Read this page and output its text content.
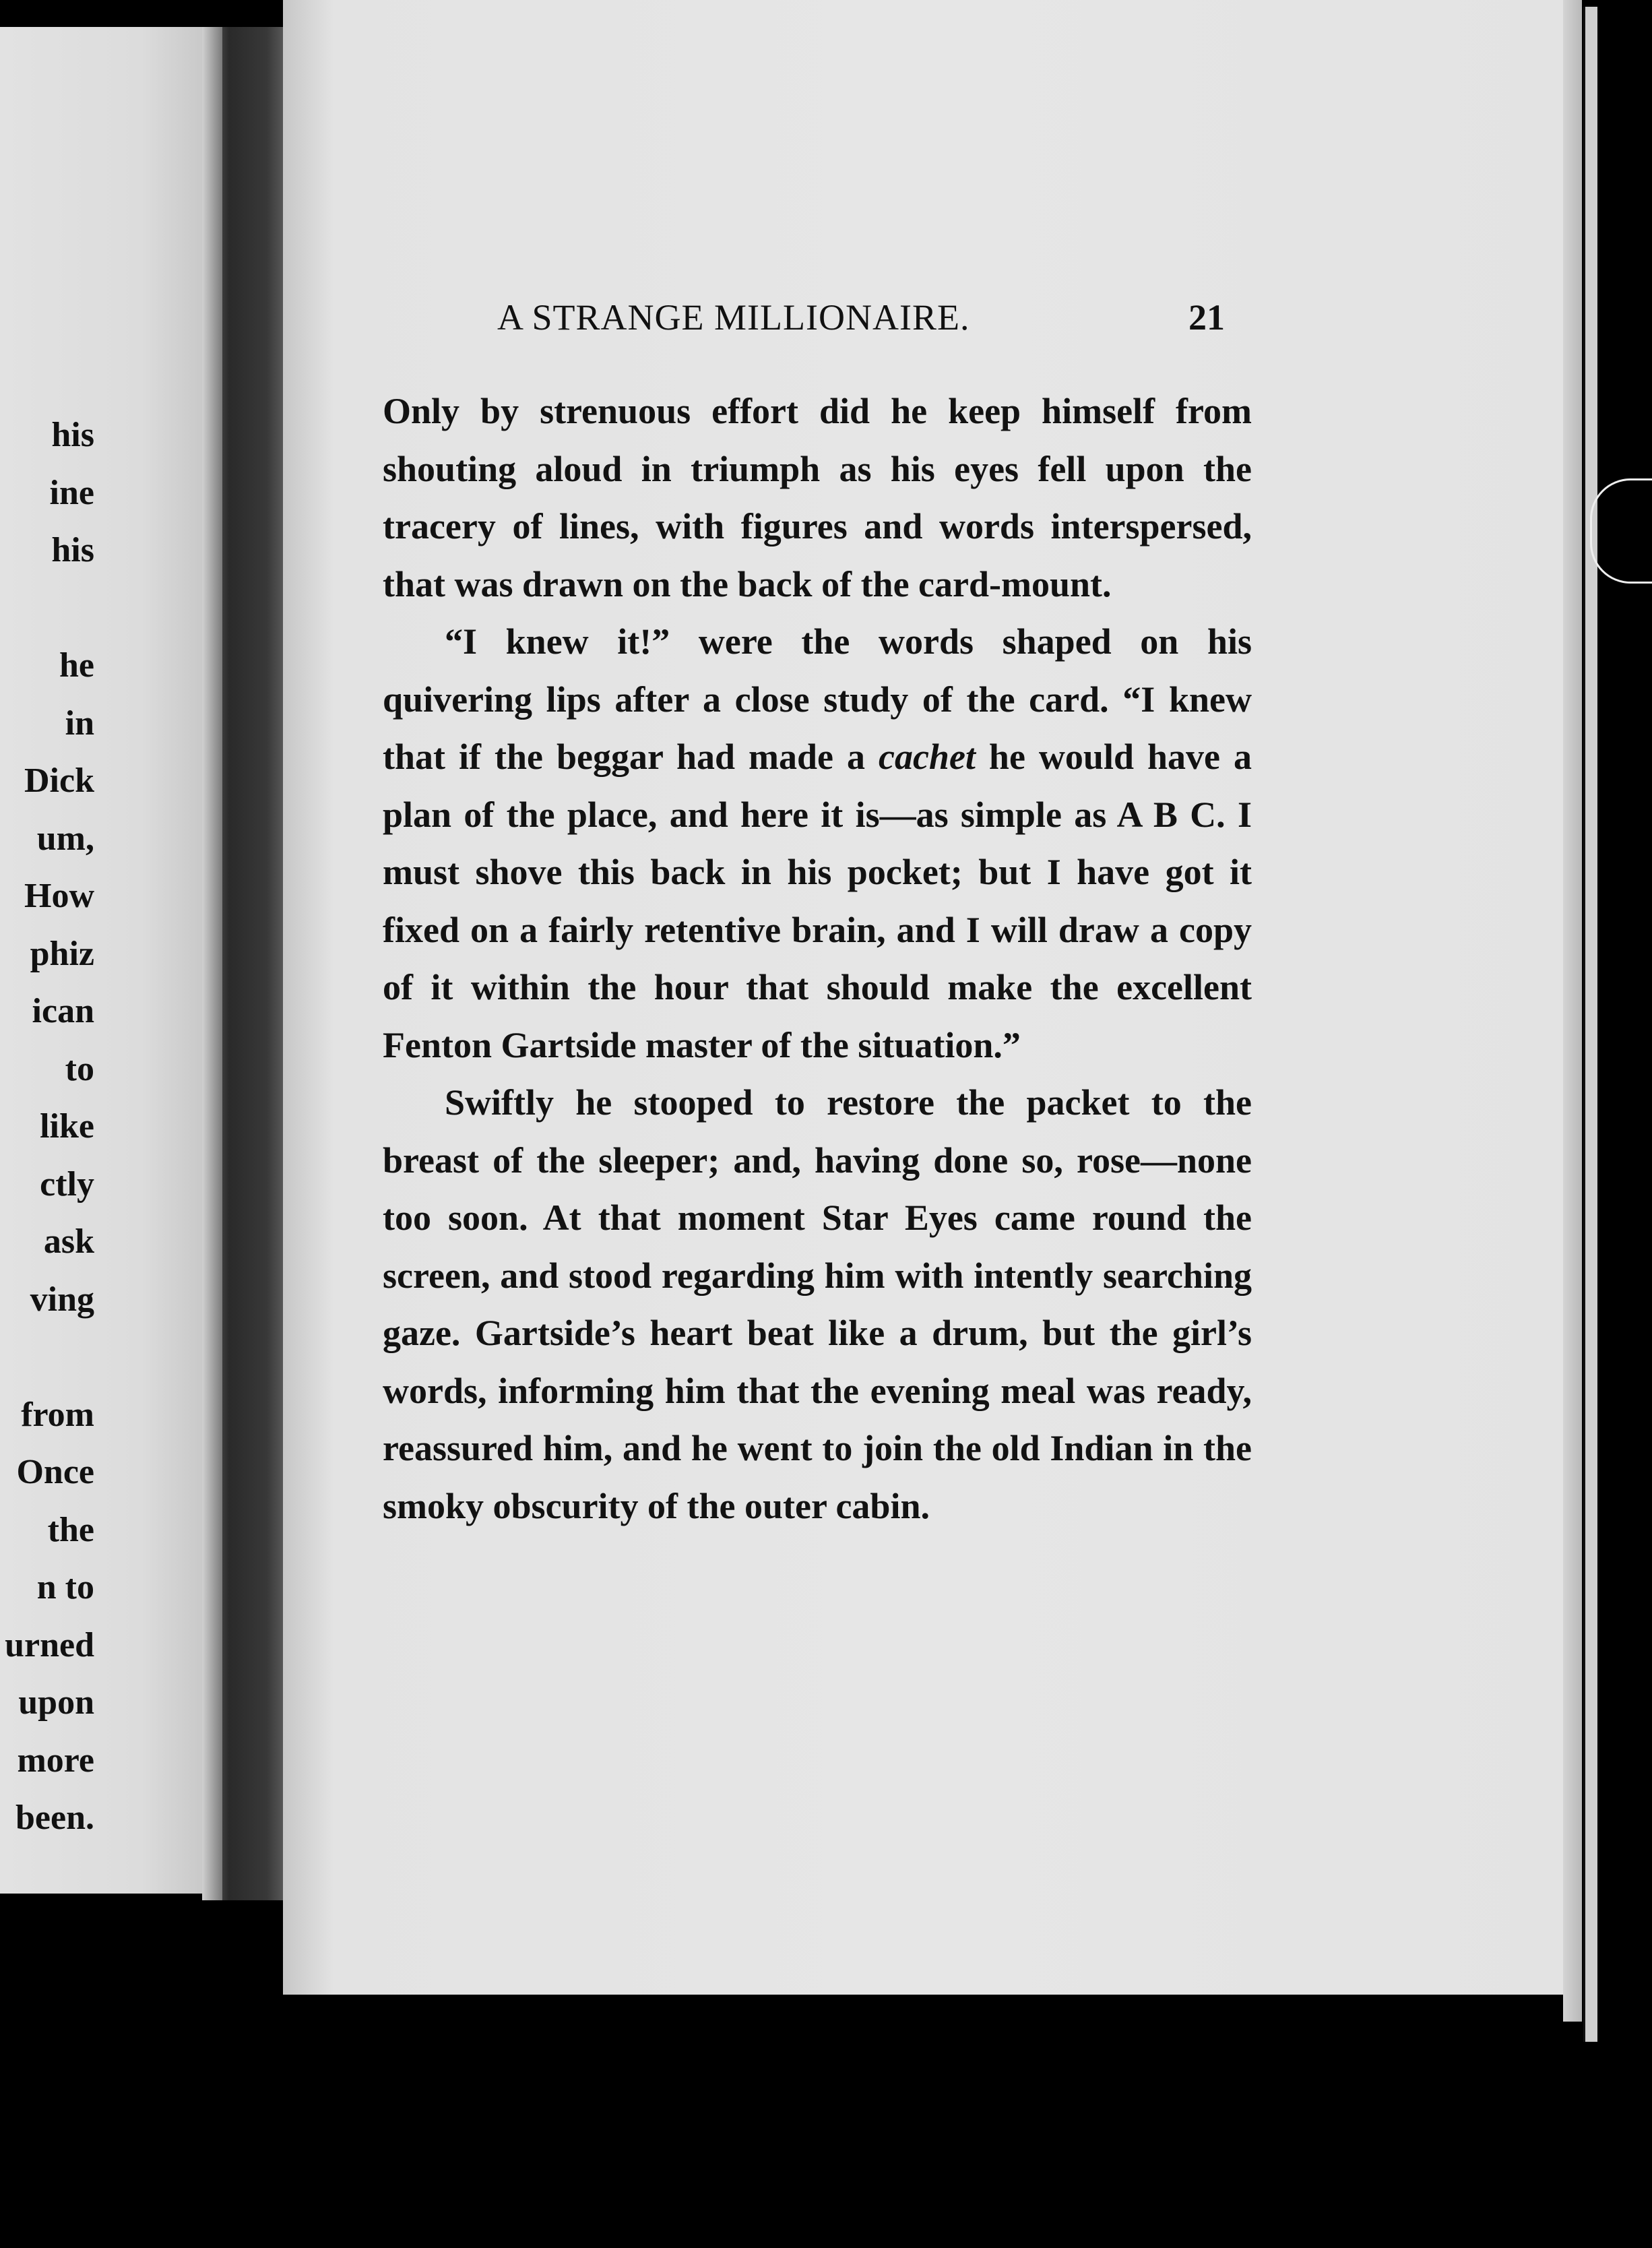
his

ine

his

he

in

Dick

um,

How

phiz

ican

to

like

ctly

ask

ving

from

Once

the

n to

urned

upon

more

been.

A STRANGE MILLIONAIRE.	21

Only by strenuous effort did he keep himself from shouting aloud in triumph as his eyes fell upon the tracery of lines, with figures and words interspersed, that was drawn on the back of the card-mount.

“I knew it!” were the words shaped on his quivering lips after a close study of the card. “I knew that if the beggar had made a cachet he would have a plan of the place, and here it is—as simple as A B C. I must shove this back in his pocket; but I have got it fixed on a fairly retentive brain, and I will draw a copy of it within the hour that should make the excellent Fenton Gartside master of the situation.”

Swiftly he stooped to restore the packet to the breast of the sleeper; and, having done so, rose—none too soon. At that moment Star Eyes came round the screen, and stood regarding him with intently searching gaze. Gartside’s heart beat like a drum, but the girl’s words, informing him that the evening meal was ready, reassured him, and he went to join the old Indian in the smoky obscurity of the outer cabin.
